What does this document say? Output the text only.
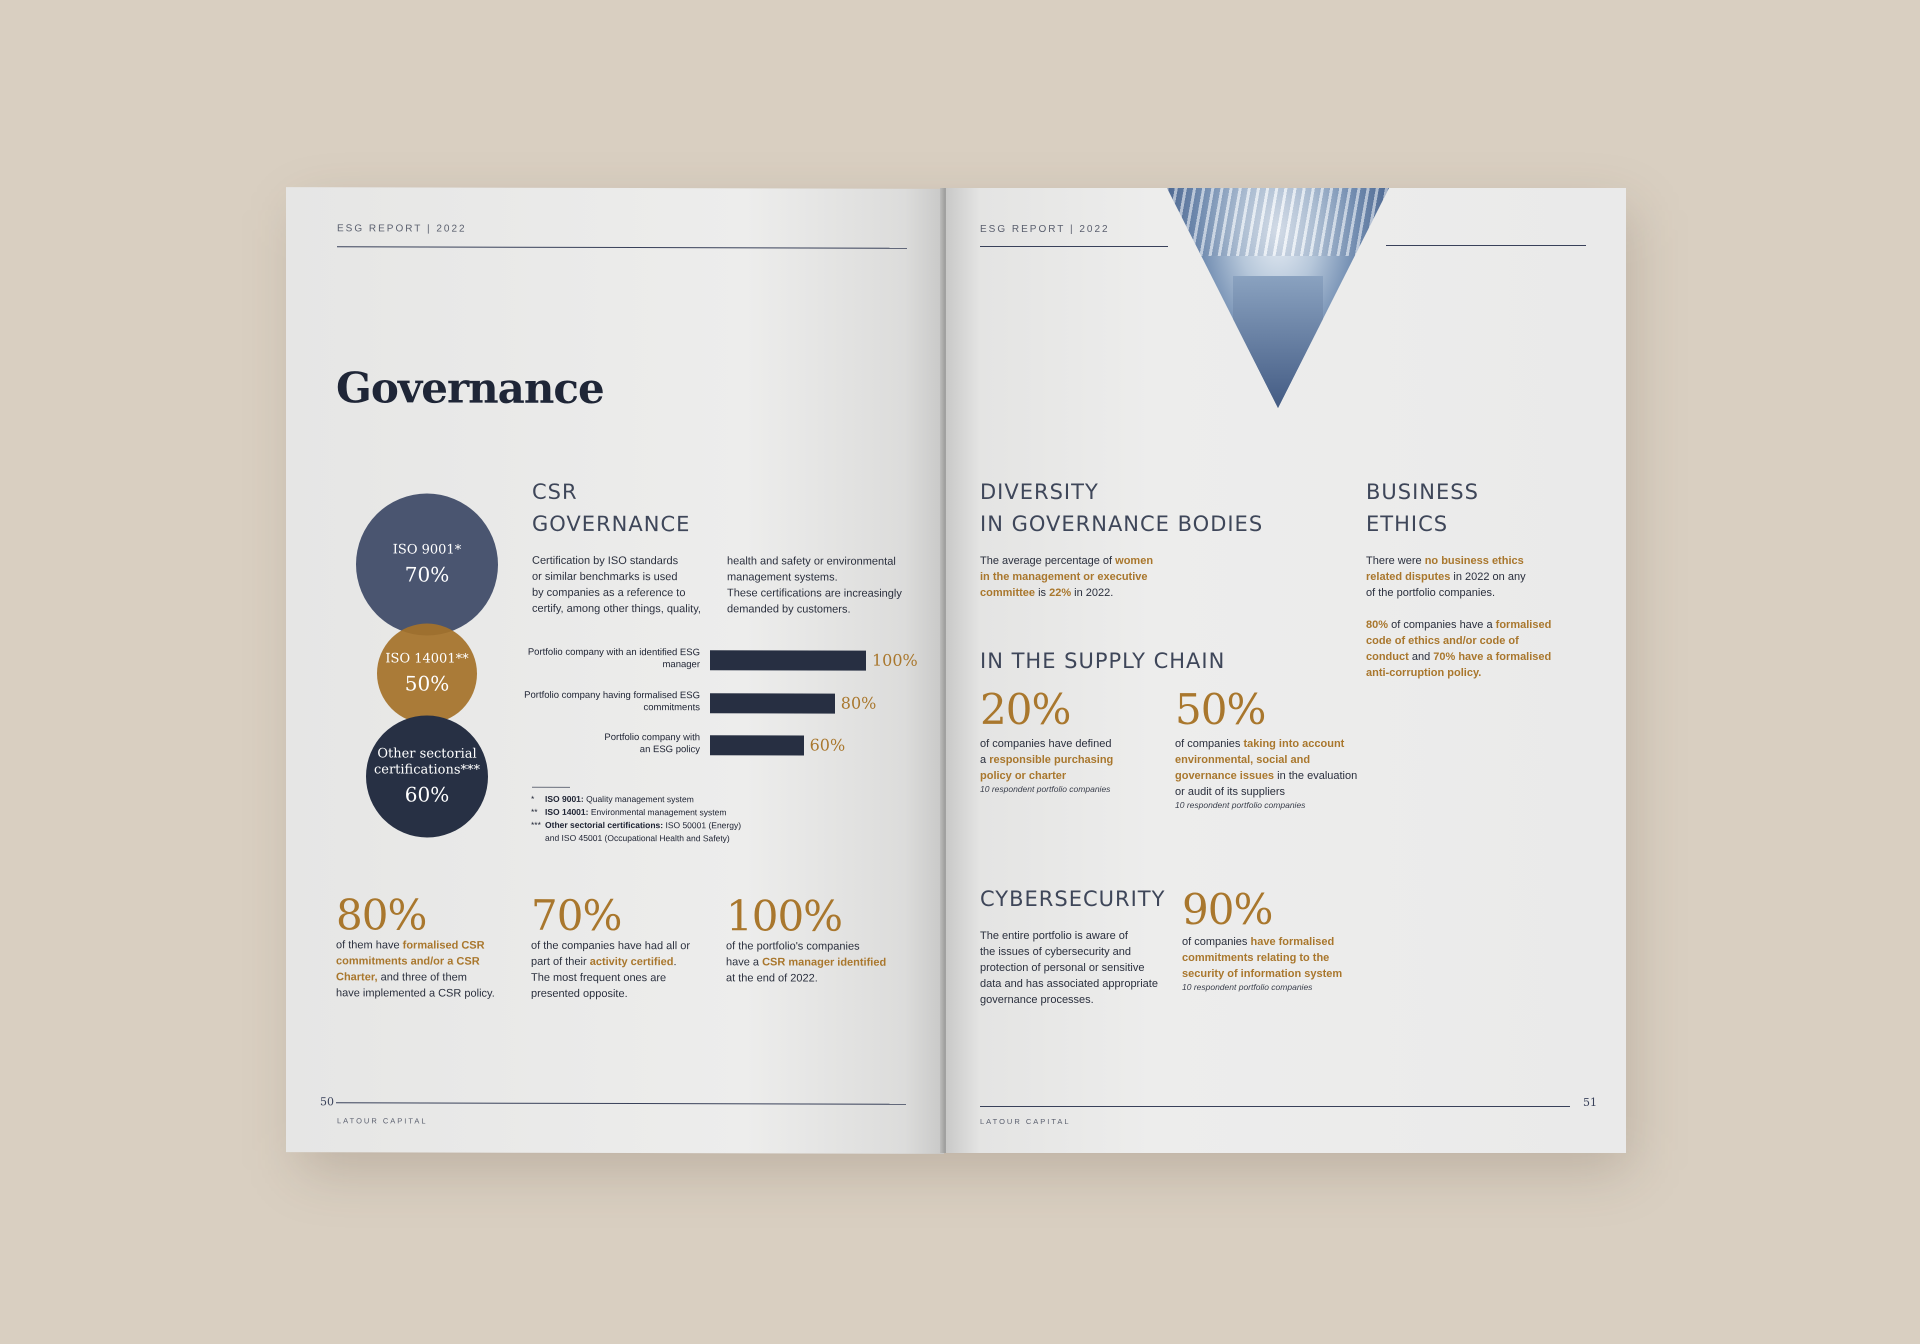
ESG REPORT | 2022
Governance
ISO 9001*
70%
ISO 14001**
50%
Other sectorial
certifications***
60%
CSR
GOVERNANCE
Certification by ISO standards
or similar benchmarks is used
by companies as a reference to
certify, among other things, quality,
health and safety or environmental
management systems.
These certifications are increasingly
demanded by customers.
Portfolio company with an identified ESG
manager	100%
Portfolio company having formalised ESG
commitments	80%
Portfolio company with
an ESG policy	60%
* ISO 9001: Quality management system
** ISO 14001: Environmental management system
*** Other sectorial certifications: ISO 50001 (Energy)
and ISO 45001 (Occupational Health and Safety)
80%
of them have formalised CSR
commitments and/or a CSR
Charter, and three of them
have implemented a CSR policy.
70%
of the companies have had all or
part of their activity certified.
The most frequent ones are
presented opposite.
100%
of the portfolio's companies
have a CSR manager identified
at the end of 2022.
50
LATOUR CAPITAL
ESG REPORT | 2022
DIVERSITY
IN GOVERNANCE BODIES
The average percentage of women
in the management or executive
committee is 22% in 2022.
BUSINESS
ETHICS
There were no business ethics
related disputes in 2022 on any
of the portfolio companies.
80% of companies have a formalised
code of ethics and/or code of
conduct and 70% have a formalised
anti-corruption policy.
IN THE SUPPLY CHAIN
20%
of companies have defined
a responsible purchasing
policy or charter
10 respondent portfolio companies
50%
of companies taking into account
environmental, social and
governance issues in the evaluation
or audit of its suppliers
10 respondent portfolio companies
CYBERSECURITY
The entire portfolio is aware of
the issues of cybersecurity and
protection of personal or sensitive
data and has associated appropriate
governance processes.
90%
of companies have formalised
commitments relating to the
security of information system
10 respondent portfolio companies
51
LATOUR CAPITAL
